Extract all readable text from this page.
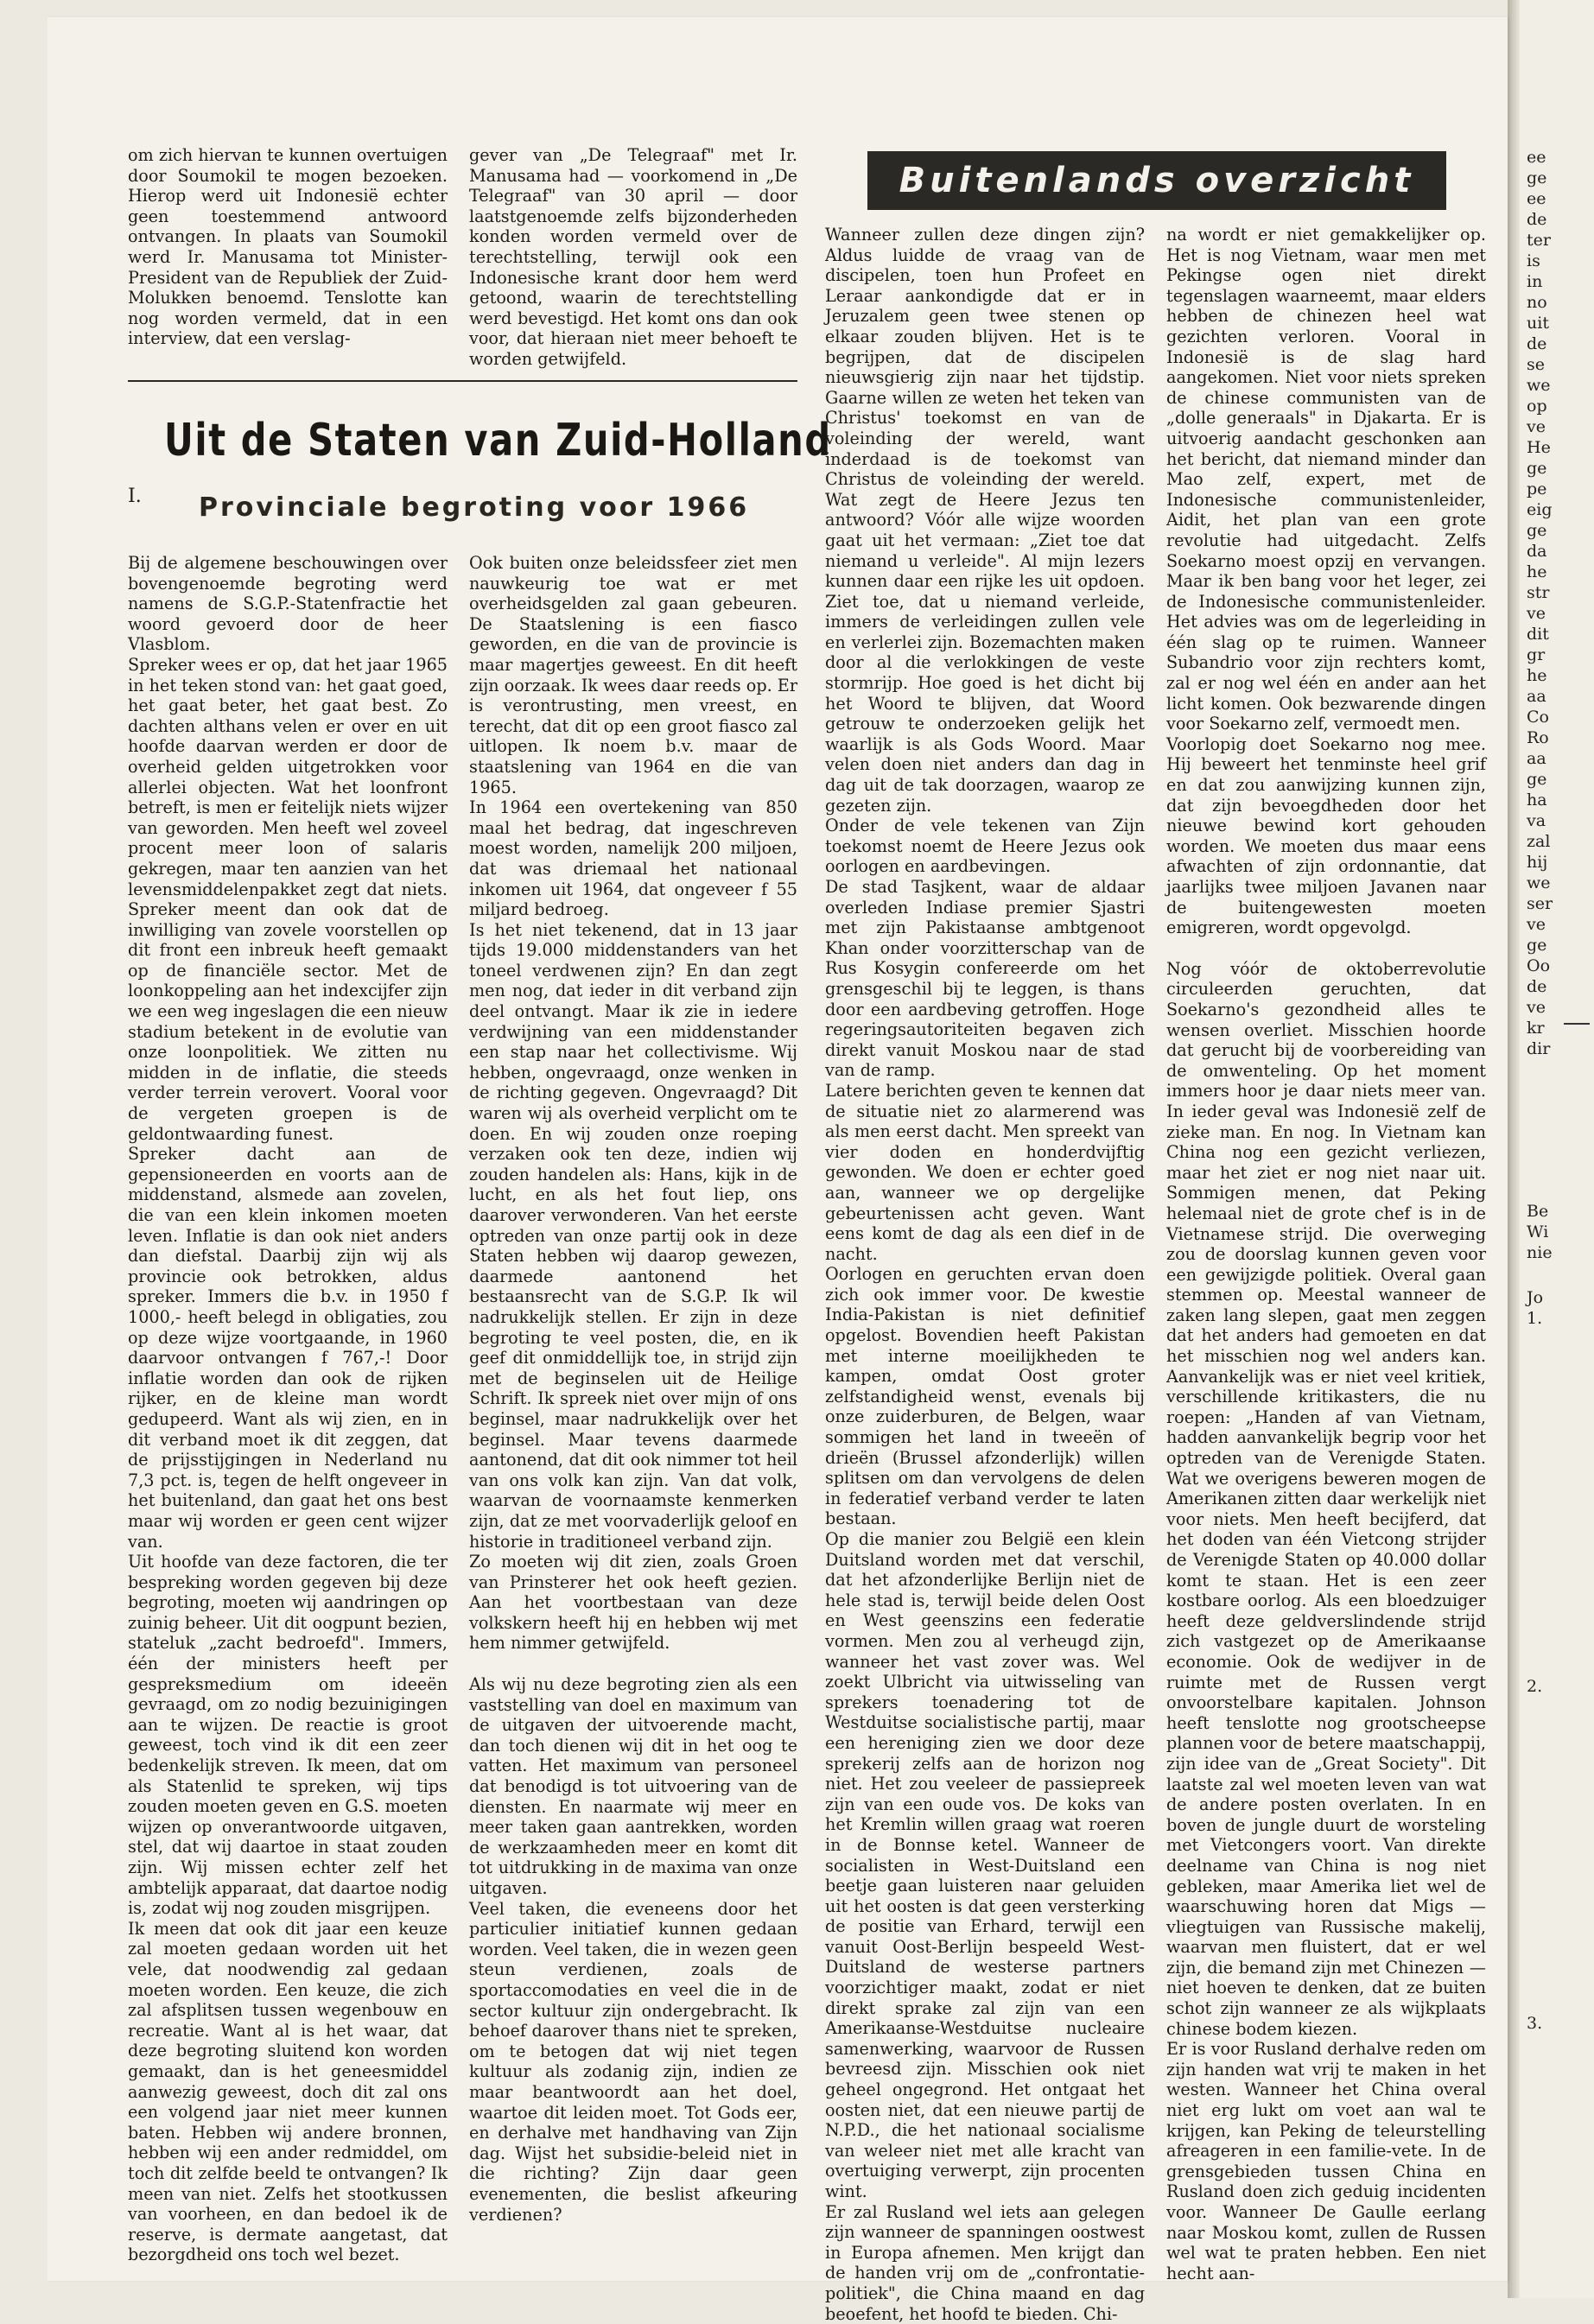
ee
ge
ee
de
ter
is
in
no
uit
de
se
we
op
ve
He
ge
pe
eig
ge
da
he
str
ve
dit
gr
he
aa
Co
Ro
aa
ge
ha
va
zal
hij
we
ser
ve
ge
Oo
de
ve
kr
dir
Be
Wi
nie
Jo
1.
2.
3.

om zich hiervan te kunnen overtuigen door Soumokil te mogen bezoeken. Hierop werd uit Indonesië echter geen toestemmend antwoord ontvangen. In plaats van Soumokil werd Ir. Manusama tot Minister-President van de Republiek der Zuid-Molukken benoemd. Tenslotte kan nog worden vermeld, dat in een interview, dat een verslag-

gever van „De Telegraaf" met Ir. Manusama had — voorkomend in „De Telegraaf" van 30 april — door laatstgenoemde zelfs bijzonderheden konden worden vermeld over de terechtstelling, terwijl ook een Indonesische krant door hem werd getoond, waarin de terechtstelling werd bevestigd. Het komt ons dan ook voor, dat hieraan niet meer behoeft te worden getwijfeld.

Uit de Staten van Zuid-Holland
I. Provinciale begroting voor 1966
Buitenlands overzicht

Bij de algemene beschouwingen over bovengenoemde begroting werd namens de S.G.P.-Statenfractie het woord gevoerd door de heer Vlasblom.

Spreker wees er op, dat het jaar 1965 in het teken stond van: het gaat goed, het gaat beter, het gaat best. Zo dachten althans velen er over en uit hoofde daarvan werden er door de overheid gelden uitgetrokken voor allerlei objecten. Wat het loonfront betreft, is men er feitelijk niets wijzer van geworden. Men heeft wel zoveel procent meer loon of salaris gekregen, maar ten aanzien van het levensmiddelenpakket zegt dat niets. Spreker meent dan ook dat de inwilliging van zovele voorstellen op dit front een inbreuk heeft gemaakt op de financiële sector. Met de loonkoppeling aan het indexcijfer zijn we een weg ingeslagen die een nieuw stadium betekent in de evolutie van onze loonpolitiek. We zitten nu midden in de inflatie, die steeds verder terrein verovert. Vooral voor de vergeten groepen is de geldontwaarding funest.

Spreker dacht aan de gepensioneerden en voorts aan de middenstand, alsmede aan zovelen, die van een klein inkomen moeten leven. Inflatie is dan ook niet anders dan diefstal. Daarbij zijn wij als provincie ook betrokken, aldus spreker. Immers die b.v. in 1950 f 1000,- heeft belegd in obligaties, zou op deze wijze voortgaande, in 1960 daarvoor ontvangen f 767,-! Door inflatie worden dan ook de rijken rijker, en de kleine man wordt gedupeerd. Want als wij zien, en in dit verband moet ik dit zeggen, dat de prijsstijgingen in Nederland nu 7,3 pct. is, tegen de helft ongeveer in het buitenland, dan gaat het ons best maar wij worden er geen cent wijzer van.

Uit hoofde van deze factoren, die ter bespreking worden gegeven bij deze begroting, moeten wij aandringen op zuinig beheer. Uit dit oogpunt bezien, stateluk „zacht bedroefd". Immers, één der ministers heeft per gespreksmedium om ideeën gevraagd, om zo nodig bezuinigingen aan te wijzen. De reactie is groot geweest, toch vind ik dit een zeer bedenkelijk streven. Ik meen, dat om als Statenlid te spreken, wij tips zouden moeten geven en G.S. moeten wijzen op onverantwoorde uitgaven, stel, dat wij daartoe in staat zouden zijn. Wij missen echter zelf het ambtelijk apparaat, dat daartoe nodig is, zodat wij nog zouden misgrijpen.

Ik meen dat ook dit jaar een keuze zal moeten gedaan worden uit het vele, dat noodwendig zal gedaan moeten worden. Een keuze, die zich zal afsplitsen tussen wegenbouw en recreatie. Want al is het waar, dat deze begroting sluitend kon worden gemaakt, dan is het geneesmiddel aanwezig geweest, doch dit zal ons een volgend jaar niet meer kunnen baten. Hebben wij andere bronnen, hebben wij een ander redmiddel, om toch dit zelfde beeld te ontvangen? Ik meen van niet. Zelfs het stootkussen van voorheen, en dan bedoel ik de reserve, is dermate aangetast, dat bezorgdheid ons toch wel bezet.

Ook buiten onze beleidssfeer ziet men nauwkeurig toe wat er met overheidsgelden zal gaan gebeuren. De Staatslening is een fiasco geworden, en die van de provincie is maar magertjes geweest. En dit heeft zijn oorzaak. Ik wees daar reeds op. Er is verontrusting, men vreest, en terecht, dat dit op een groot fiasco zal uitlopen. Ik noem b.v. maar de staatslening van 1964 en die van 1965.

In 1964 een overtekening van 850 maal het bedrag, dat ingeschreven moest worden, namelijk 200 miljoen, dat was driemaal het nationaal inkomen uit 1964, dat ongeveer f 55 miljard bedroeg.

Is het niet tekenend, dat in 13 jaar tijds 19.000 middenstanders van het toneel verdwenen zijn? En dan zegt men nog, dat ieder in dit verband zijn deel ontvangt. Maar ik zie in iedere verdwijning van een middenstander een stap naar het collectivisme. Wij hebben, ongevraagd, onze wenken in de richting gegeven. Ongevraagd? Dit waren wij als overheid verplicht om te doen. En wij zouden onze roeping verzaken ook ten deze, indien wij zouden handelen als: Hans, kijk in de lucht, en als het fout liep, ons daarover verwonderen. Van het eerste optreden van onze partij ook in deze Staten hebben wij daarop gewezen, daarmede aantonend het bestaansrecht van de S.G.P. Ik wil nadrukkelijk stellen. Er zijn in deze begroting te veel posten, die, en ik geef dit onmiddellijk toe, in strijd zijn met de beginselen uit de Heilige Schrift. Ik spreek niet over mijn of ons beginsel, maar nadrukkelijk over het beginsel. Maar tevens daarmede aantonend, dat dit ook nimmer tot heil van ons volk kan zijn. Van dat volk, waarvan de voornaamste kenmerken zijn, dat ze met voorvaderlijk geloof en historie in traditioneel verband zijn.

Zo moeten wij dit zien, zoals Groen van Prinsterer het ook heeft gezien. Aan het voortbestaan van deze volkskern heeft hij en hebben wij met hem nimmer getwijfeld.

Als wij nu deze begroting zien als een vaststelling van doel en maximum van de uitgaven der uitvoerende macht, dan toch dienen wij dit in het oog te vatten. Het maximum van personeel dat benodigd is tot uitvoering van de diensten. En naarmate wij meer en meer taken gaan aantrekken, worden de werkzaamheden meer en komt dit tot uitdrukking in de maxima van onze uitgaven.

Veel taken, die eveneens door het particulier initiatief kunnen gedaan worden. Veel taken, die in wezen geen steun verdienen, zoals de sportaccomodaties en veel die in de sector kultuur zijn ondergebracht. Ik behoef daarover thans niet te spreken, om te betogen dat wij niet tegen kultuur als zodanig zijn, indien ze maar beantwoordt aan het doel, waartoe dit leiden moet. Tot Gods eer, en derhalve met handhaving van Zijn dag. Wijst het subsidie-beleid niet in die richting? Zijn daar geen evenementen, die beslist afkeuring verdienen?

Wanneer zullen deze dingen zijn? Aldus luidde de vraag van de discipelen, toen hun Profeet en Leraar aankondigde dat er in Jeruzalem geen twee stenen op elkaar zouden blijven. Het is te begrijpen, dat de discipelen nieuwsgierig zijn naar het tijdstip. Gaarne willen ze weten het teken van Christus' toekomst en van de voleinding der wereld, want inderdaad is de toekomst van Christus de voleinding der wereld. Wat zegt de Heere Jezus ten antwoord? Vóór alle wijze woorden gaat uit het vermaan: „Ziet toe dat niemand u verleide". Al mijn lezers kunnen daar een rijke les uit opdoen. Ziet toe, dat u niemand verleide, immers de verleidingen zullen vele en verlerlei zijn. Bozemachten maken door al die verlokkingen de veste stormrijp. Hoe goed is het dicht bij het Woord te blijven, dat Woord getrouw te onderzoeken gelijk het waarlijk is als Gods Woord. Maar velen doen niet anders dan dag in dag uit de tak doorzagen, waarop ze gezeten zijn.

Onder de vele tekenen van Zijn toekomst noemt de Heere Jezus ook oorlogen en aardbevingen.

De stad Tasjkent, waar de aldaar overleden Indiase premier Sjastri met zijn Pakistaanse ambtgenoot Khan onder voorzitterschap van de Rus Kosygin confereerde om het grensgeschil bij te leggen, is thans door een aardbeving getroffen. Hoge regeringsautoriteiten begaven zich direkt vanuit Moskou naar de stad van de ramp.

Latere berichten geven te kennen dat de situatie niet zo alarmerend was als men eerst dacht. Men spreekt van vier doden en honderdvijftig gewonden. We doen er echter goed aan, wanneer we op dergelijke gebeurtenissen acht geven. Want eens komt de dag als een dief in de nacht.

Oorlogen en geruchten ervan doen zich ook immer voor. De kwestie India-Pakistan is niet definitief opgelost. Bovendien heeft Pakistan met interne moeilijkheden te kampen, omdat Oost groter zelfstandigheid wenst, evenals bij onze zuiderburen, de Belgen, waar sommigen het land in tweeën of drieën (Brussel afzonderlijk) willen splitsen om dan vervolgens de delen in federatief verband verder te laten bestaan.

Op die manier zou België een klein Duitsland worden met dat verschil, dat het afzonderlijke Berlijn niet de hele stad is, terwijl beide delen Oost en West geenszins een federatie vormen. Men zou al verheugd zijn, wanneer het vast zover was. Wel zoekt Ulbricht via uitwisseling van sprekers toenadering tot de Westduitse socialistische partij, maar een hereniging zien we door deze sprekerij zelfs aan de horizon nog niet. Het zou veeleer de passiepreek zijn van een oude vos. De koks van het Kremlin willen graag wat roeren in de Bonnse ketel. Wanneer de socialisten in West-Duitsland een beetje gaan luisteren naar geluiden uit het oosten is dat geen versterking de positie van Erhard, terwijl een vanuit Oost-Berlijn bespeeld West-Duitsland de westerse partners voorzichtiger maakt, zodat er niet direkt sprake zal zijn van een Amerikaanse-Westduitse nucleaire samenwerking, waarvoor de Russen bevreesd zijn. Misschien ook niet geheel ongegrond. Het ontgaat het oosten niet, dat een nieuwe partij de N.P.D., die het nationaal socialisme van weleer niet met alle kracht van overtuiging verwerpt, zijn procenten wint.

Er zal Rusland wel iets aan gelegen zijn wanneer de spanningen oostwest in Europa afnemen. Men krijgt dan de handen vrij om de „confrontatie-politiek", die China maand en dag beoefent, het hoofd te bieden. Chi-

na wordt er niet gemakkelijker op. Het is nog Vietnam, waar men met Pekingse ogen niet direkt tegenslagen waarneemt, maar elders hebben de chinezen heel wat gezichten verloren. Vooral in Indonesië is de slag hard aangekomen. Niet voor niets spreken de chinese communisten van de „dolle generaals" in Djakarta. Er is uitvoerig aandacht geschonken aan het bericht, dat niemand minder dan Mao zelf, expert, met de Indonesische communistenleider, Aidit, het plan van een grote revolutie had uitgedacht. Zelfs Soekarno moest opzij en vervangen. Maar ik ben bang voor het leger, zei de Indonesische communistenleider. Het advies was om de legerleiding in één slag op te ruimen. Wanneer Subandrio voor zijn rechters komt, zal er nog wel één en ander aan het licht komen. Ook bezwarende dingen voor Soekarno zelf, vermoedt men.

Voorlopig doet Soekarno nog mee. Hij beweert het tenminste heel grif en dat zou aanwijzing kunnen zijn, dat zijn bevoegdheden door het nieuwe bewind kort gehouden worden. We moeten dus maar eens afwachten of zijn ordonnantie, dat jaarlijks twee miljoen Javanen naar de buitengewesten moeten emigreren, wordt opgevolgd.

Nog vóór de oktoberrevolutie circuleerden geruchten, dat Soekarno's gezondheid alles te wensen overliet. Misschien hoorde dat gerucht bij de voorbereiding van de omwenteling. Op het moment immers hoor je daar niets meer van. In ieder geval was Indonesië zelf de zieke man. En nog. In Vietnam kan China nog een gezicht verliezen, maar het ziet er nog niet naar uit. Sommigen menen, dat Peking helemaal niet de grote chef is in de Vietnamese strijd. Die overweging zou de doorslag kunnen geven voor een gewijzigde politiek. Overal gaan stemmen op. Meestal wanneer de zaken lang slepen, gaat men zeggen dat het anders had gemoeten en dat het misschien nog wel anders kan. Aanvankelijk was er niet veel kritiek, verschillende kritikasters, die nu roepen: „Handen af van Vietnam, hadden aanvankelijk begrip voor het optreden van de Verenigde Staten. Wat we overigens beweren mogen de Amerikanen zitten daar werkelijk niet voor niets. Men heeft becijferd, dat het doden van één Vietcong strijder de Verenigde Staten op 40.000 dollar komt te staan. Het is een zeer kostbare oorlog. Als een bloedzuiger heeft deze geldverslindende strijd zich vastgezet op de Amerikaanse economie. Ook de wedijver in de ruimte met de Russen vergt onvoorstelbare kapitalen. Johnson heeft tenslotte nog grootscheepse plannen voor de betere maatschappij, zijn idee van de „Great Society". Dit laatste zal wel moeten leven van wat de andere posten overlaten. In en boven de jungle duurt de worsteling met Vietcongers voort. Van direkte deelname van China is nog niet gebleken, maar Amerika liet wel de waarschuwing horen dat Migs — vliegtuigen van Russische makelij, waarvan men fluistert, dat er wel zijn, die bemand zijn met Chinezen — niet hoeven te denken, dat ze buiten schot zijn wanneer ze als wijkplaats chinese bodem kiezen.

Er is voor Rusland derhalve reden om zijn handen wat vrij te maken in het westen. Wanneer het China overal niet erg lukt om voet aan wal te krijgen, kan Peking de teleurstelling afreageren in een familie-vete. In de grensgebieden tussen China en Rusland doen zich geduig incidenten voor. Wanneer De Gaulle eerlang naar Moskou komt, zullen de Russen wel wat te praten hebben. Een niet hecht aan-
